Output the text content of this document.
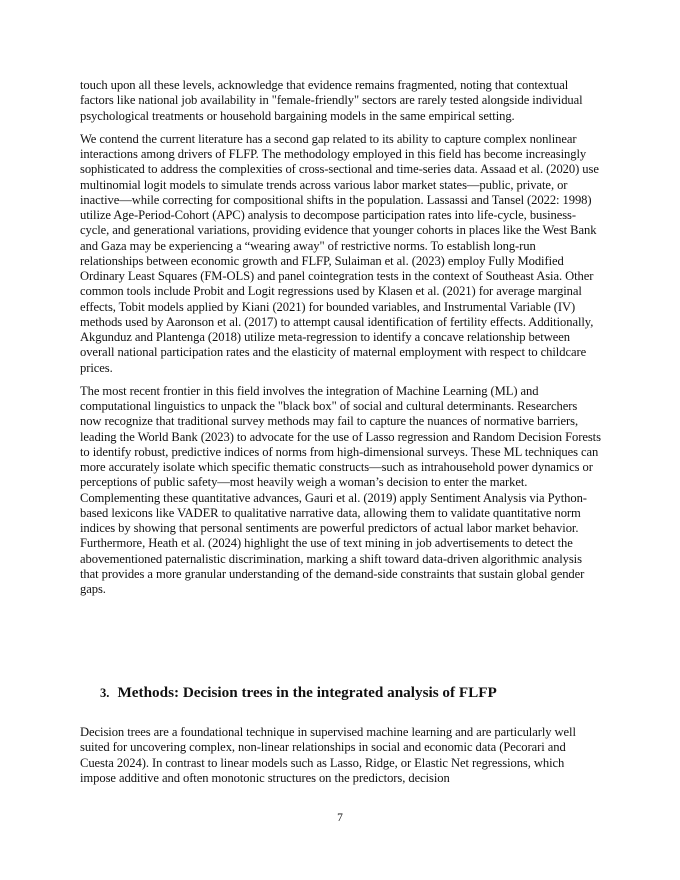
touch upon all these levels, acknowledge that evidence remains fragmented, noting that contextual factors like national job availability in "female-friendly" sectors are rarely tested alongside individual psychological treatments or household bargaining models in the same empirical setting.

We contend the current literature has a second gap related to its ability to capture complex nonlinear interactions among drivers of FLFP. The methodology employed in this field has become increasingly sophisticated to address the complexities of cross-sectional and time-series data. Assaad et al. (2020) use multinomial logit models to simulate trends across various labor market states—public, private, or inactive—while correcting for compositional shifts in the population. Lassassi and Tansel (2022: 1998) utilize Age-Period-Cohort (APC) analysis to decompose participation rates into life-cycle, business-cycle, and generational variations, providing evidence that younger cohorts in places like the West Bank and Gaza may be experiencing a “wearing away" of restrictive norms. To establish long-run relationships between economic growth and FLFP, Sulaiman et al. (2023) employ Fully Modified Ordinary Least Squares (FM-OLS) and panel cointegration tests in the context of Southeast Asia. Other common tools include Probit and Logit regressions used by Klasen et al. (2021) for average marginal effects, Tobit models applied by Kiani (2021) for bounded variables, and Instrumental Variable (IV) methods used by Aaronson et al. (2017) to attempt causal identification of fertility effects. Additionally, Akgunduz and Plantenga (2018) utilize meta-regression to identify a concave relationship between overall national participation rates and the elasticity of maternal employment with respect to childcare prices.

The most recent frontier in this field involves the integration of Machine Learning (ML) and computational linguistics to unpack the "black box" of social and cultural determinants. Researchers now recognize that traditional survey methods may fail to capture the nuances of normative barriers, leading the World Bank (2023) to advocate for the use of Lasso regression and Random Decision Forests to identify robust, predictive indices of norms from high-dimensional surveys. These ML techniques can more accurately isolate which specific thematic constructs—such as intrahousehold power dynamics or perceptions of public safety—most heavily weigh a woman’s decision to enter the market. Complementing these quantitative advances, Gauri et al. (2019) apply Sentiment Analysis via Python-based lexicons like VADER to qualitative narrative data, allowing them to validate quantitative norm indices by showing that personal sentiments are powerful predictors of actual labor market behavior. Furthermore, Heath et al. (2024) highlight the use of text mining in job advertisements to detect the abovementioned paternalistic discrimination, marking a shift toward data-driven algorithmic analysis that provides a more granular understanding of the demand-side constraints that sustain global gender gaps.

3. Methods: Decision trees in the integrated analysis of FLFP

Decision trees are a foundational technique in supervised machine learning and are particularly well suited for uncovering complex, non-linear relationships in social and economic data (Pecorari and Cuesta 2024). In contrast to linear models such as Lasso, Ridge, or Elastic Net regressions, which impose additive and often monotonic structures on the predictors, decision

7
